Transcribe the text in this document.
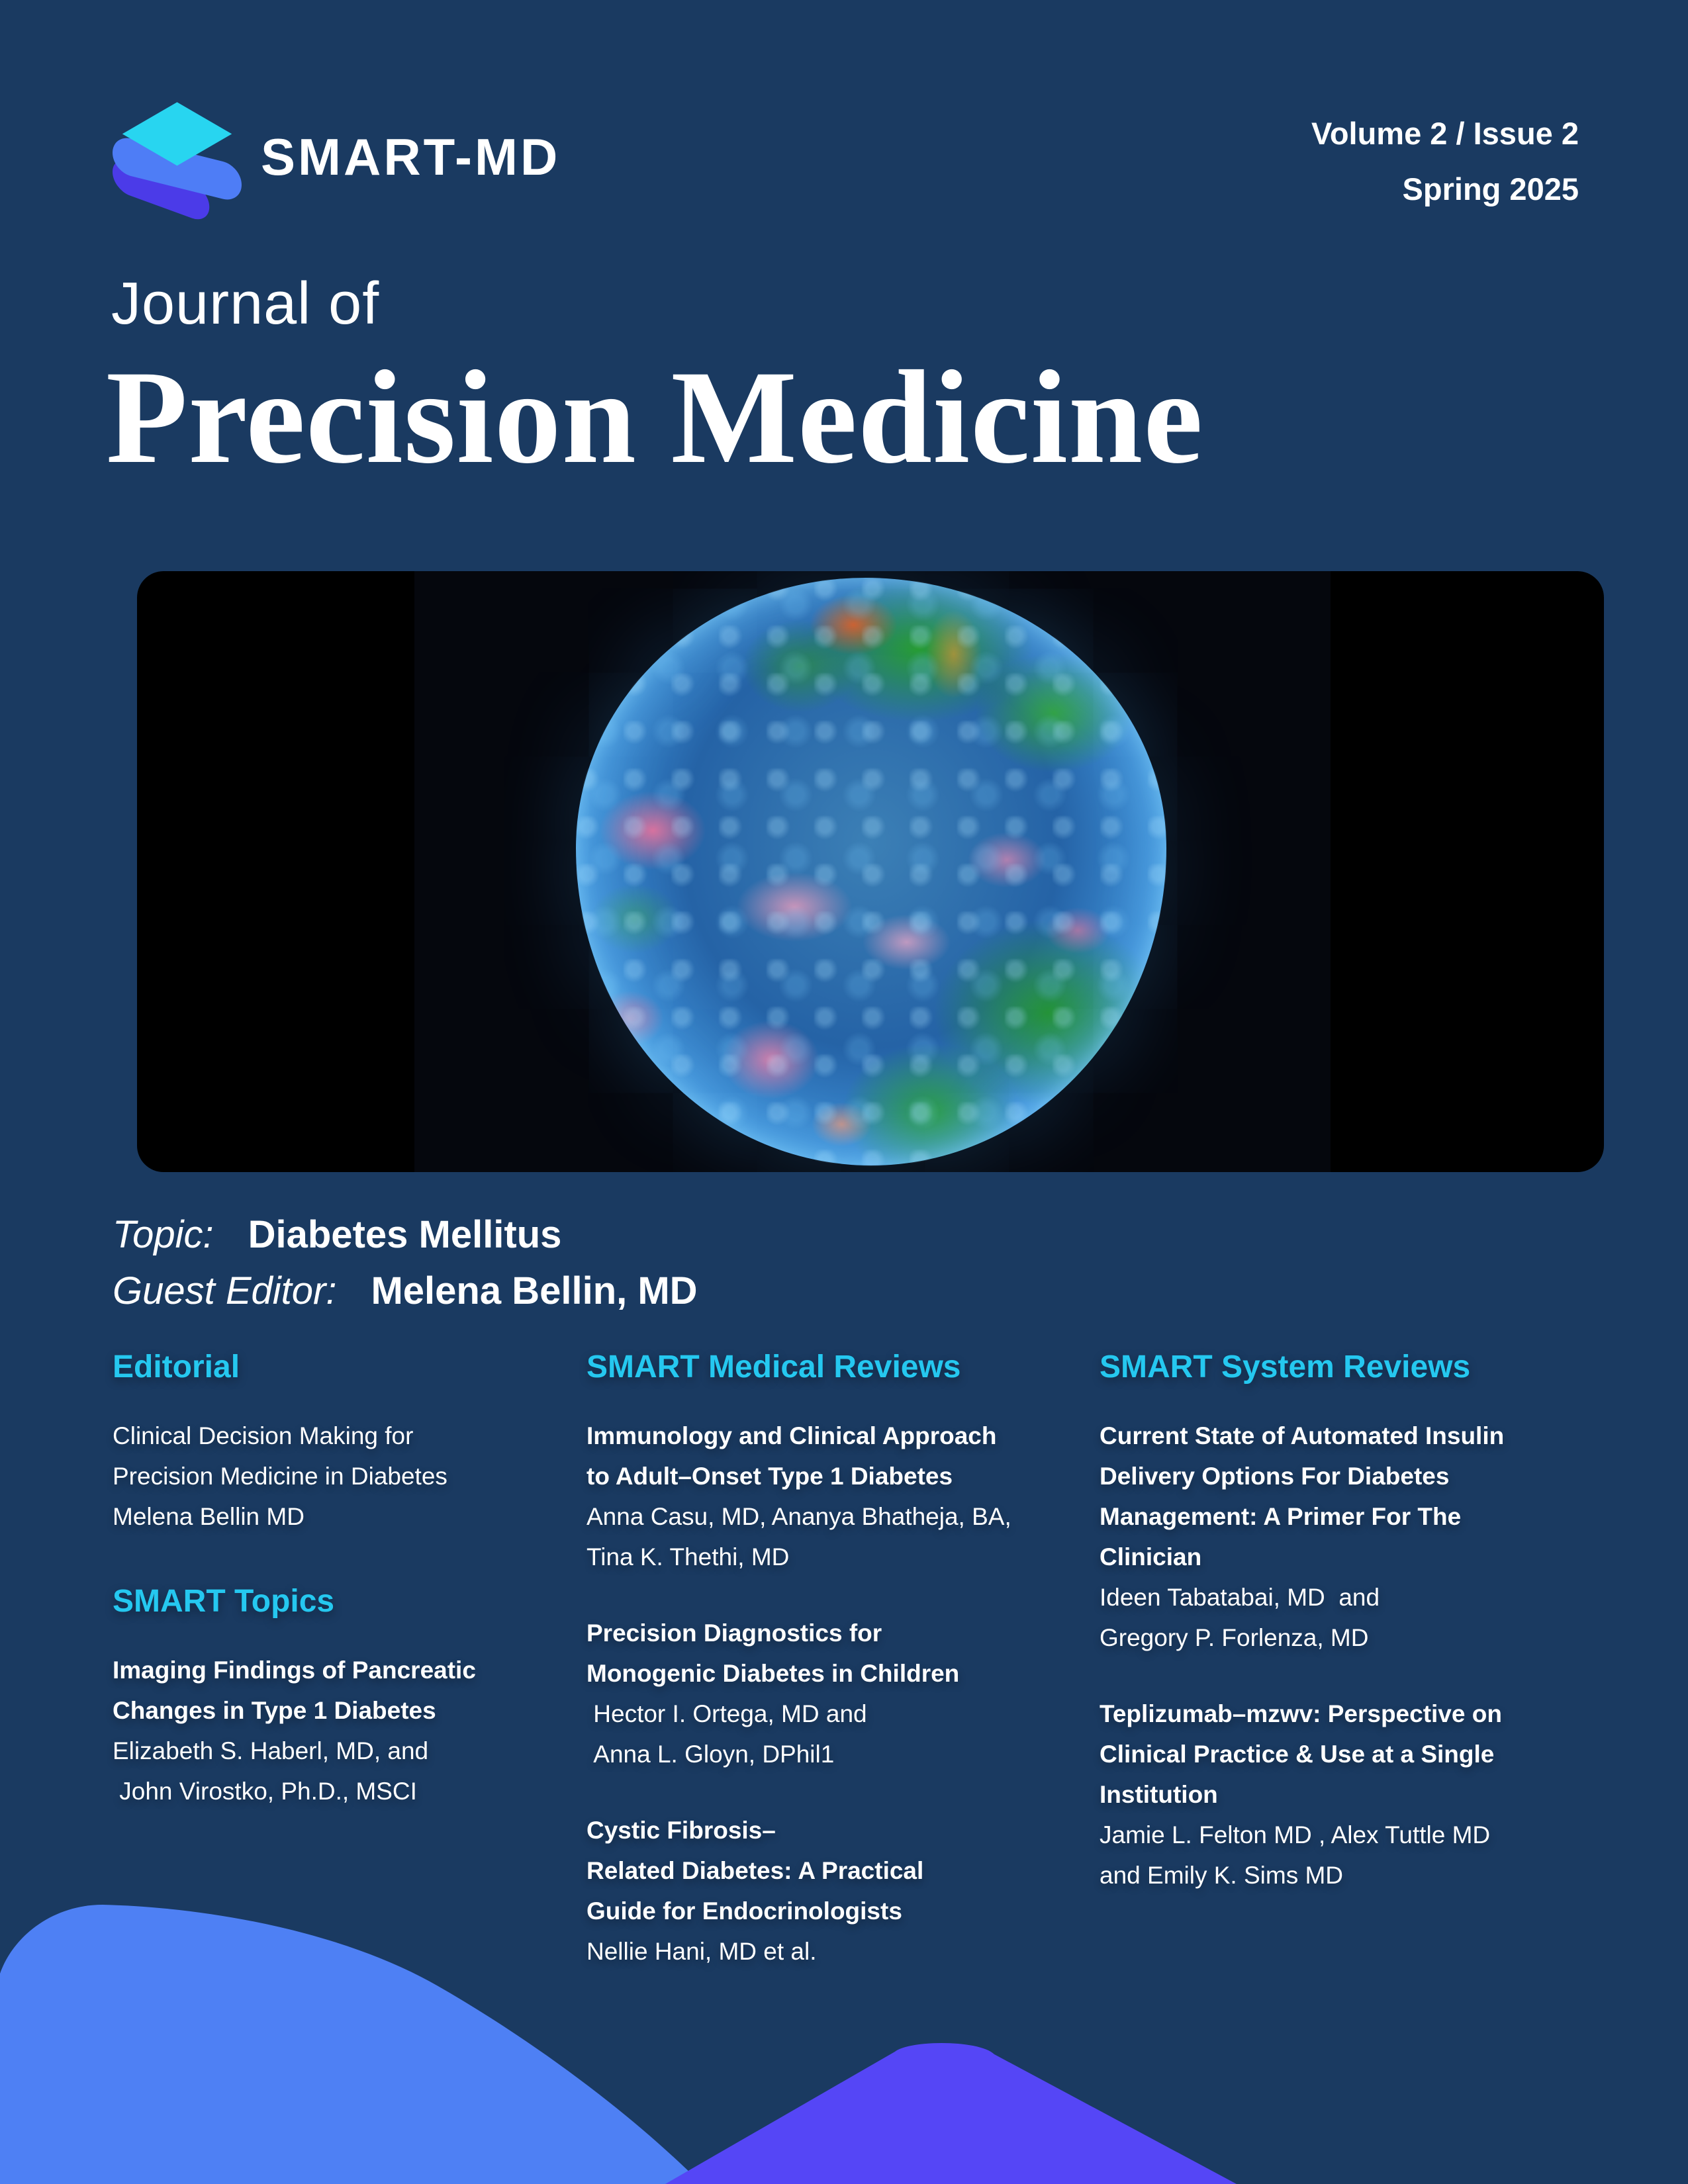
SMART-MD	Volume 2 / Issue 2
Spring 2025
Journal of
Precision Medicine
Topic: Diabetes Mellitus
Guest Editor: Melena Bellin, MD
Editorial
Clinical Decision Making for
Precision Medicine in Diabetes
Melena Bellin MD
SMART Topics
Imaging Findings of Pancreatic
Changes in Type 1 Diabetes
Elizabeth S. Haberl, MD, and
John Virostko, Ph.D., MSCI
SMART Medical Reviews
Immunology and Clinical Approach
to Adult–Onset Type 1 Diabetes
Anna Casu, MD, Ananya Bhatheja, BA,
Tina K. Thethi, MD
Precision Diagnostics for
Monogenic Diabetes in Children
Hector I. Ortega, MD and
Anna L. Gloyn, DPhil1
Cystic Fibrosis–
Related Diabetes: A Practical
Guide for Endocrinologists
Nellie Hani, MD et al.
SMART System Reviews
Current State of Automated Insulin
Delivery Options For Diabetes
Management: A Primer For The
Clinician
Ideen Tabatabai, MD  and
Gregory P. Forlenza, MD
Teplizumab–mzwv: Perspective on
Clinical Practice & Use at a Single
Institution
Jamie L. Felton MD , Alex Tuttle MD
and Emily K. Sims MD
